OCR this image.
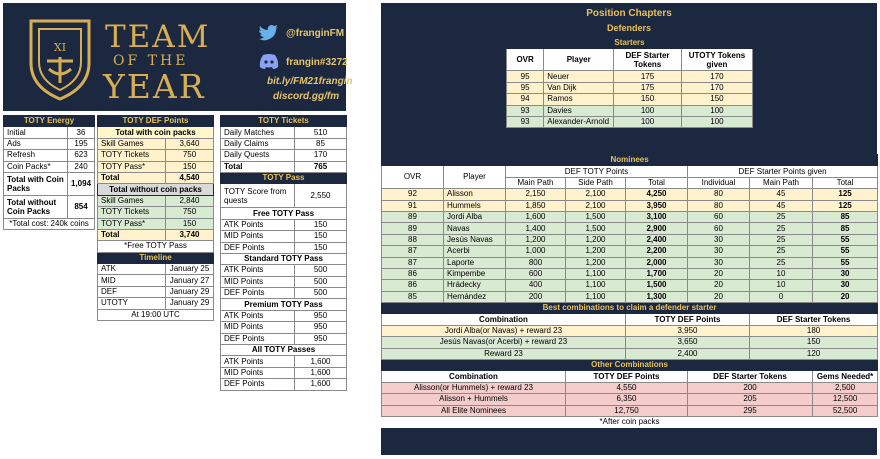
XI TEAM
OF THE
YEAR
@franginFM
frangin#3272
bit.ly/FM21frangin
discord.gg/fm
TOTY Energy	
Initial	36
Ads	195
Refresh	623
Coin Packs*	240
Total with Coin Packs	1,094
Total without Coin Packs	854
*Total cost: 240k coins	
TOTY DEF Points	
Total with coin packs	
Skill Games	3,640
TOTY Tickets	750
TOTY Pass*	150
Total	4,540
Total without coin packs	
Skill Games	2,840
TOTY Tickets	750
TOTY Pass*	150
Total	3,740
*Free TOTY Pass	
Timeline	
ATK	January 25
MID	January 27
DEF	January 29
UTOTY	January 29
At 19:00 UTC	
TOTY Tickets	
Daily Matches	510
Daily Claims	85
Daily Quests	170
Total	765
TOTY Pass	
TOTY Score from quests	2,550
Free TOTY Pass	
ATK Points	150
MID Points	150
DEF Points	150
Standard TOTY Pass	
ATK Points	500
MID Points	500
DEF Points	500
Premium TOTY Pass	
ATK Points	950
MID Points	950
DEF Points	950
All TOTY Passes	
ATK Points	1,600
MID Points	1,600
DEF Points	1,600
Position Chapters
Defenders
Starters			
OVR	Player	DEF Starter Tokens	UTOTY Tokens given
95	Neuer	175	170
95	Van Dijk	175	170
94	Ramos	150	150
93	Davies	100	100
93	Alexander-Arnold	100	100
Nominees							
OVR	Player	DEF TOTY Points			DEF Starter Points given		
		Main Path	Side Path	Total	Individual	Main Path	Total
92	Alisson	2,150	2,100	4,250	80	45	125
91	Hummels	1,850	2,100	3,950	80	45	125
89	Jordi Alba	1,600	1,500	3,100	60	25	85
89	Navas	1,400	1,500	2,900	60	25	85
88	Jesús Navas	1,200	1,200	2,400	30	25	55
87	Acerbi	1,000	1,200	2,200	30	25	55
87	Laporte	800	1,200	2,000	30	25	55
86	Kimpembe	600	1,100	1,700	20	10	30
86	Hrádecky	400	1,100	1,500	20	10	30
85	Hernández	200	1,100	1,300	20	0	20
Best combinations to claim a defender starter							
Combination				TOTY DEF Points		DEF Starter Tokens	
Jordi Alba(or Navas) + reward 23				3,950		180	
Jesús Navas(or Acerbi) + reward 23				3,650		150	
Reward 23				2,400		120	
Other Combinations							
Combination			TOTY DEF Points		DEF Starter Tokens		Gems Needed*
Alisson(or Hummels) + reward 23			4,550		200		2,500
Alisson + Hummels			6,350		205		12,500
All Elite Nominees			12,750		295		52,500
*After coin packs							
